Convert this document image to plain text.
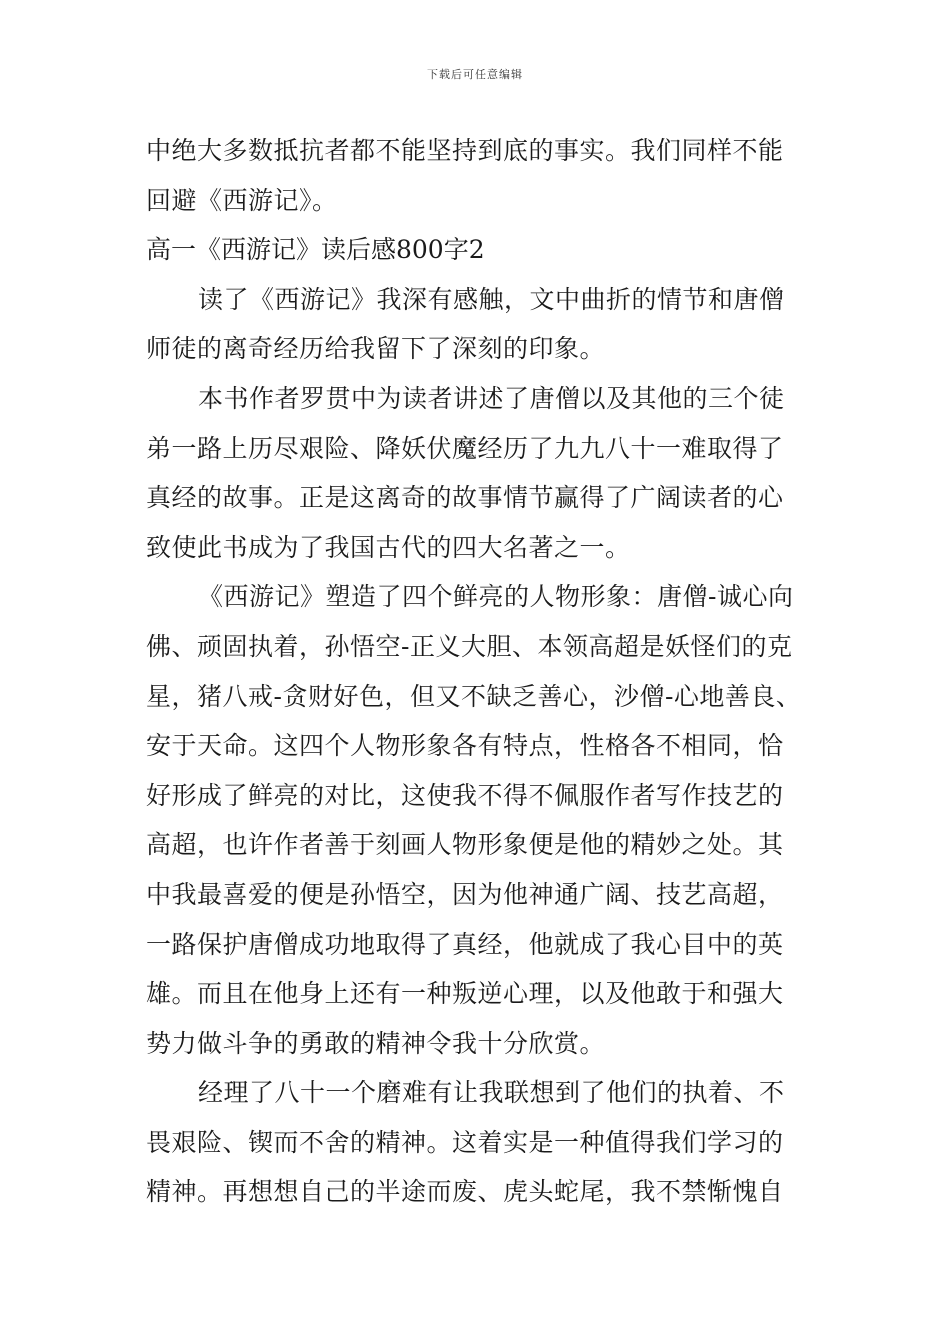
下载后可任意编辑
中绝大多数抵抗者都不能坚持到底的事实。我们同样不能
回避《西游记》。
高一《西游记》读后感800字2
读了《西游记》我深有感触，文中曲折的情节和唐僧
师徒的离奇经历给我留下了深刻的印象。
本书作者罗贯中为读者讲述了唐僧以及其他的三个徒
弟一路上历尽艰险、降妖伏魔经历了九九八十一难取得了
真经的故事。正是这离奇的故事情节赢得了广阔读者的心
致使此书成为了我国古代的四大名著之一。
《西游记》塑造了四个鲜亮的人物形象：唐僧-诚心向
佛、顽固执着，孙悟空-正义大胆、本领高超是妖怪们的克
星，猪八戒-贪财好色，但又不缺乏善心，沙僧-心地善良、
安于天命。这四个人物形象各有特点，性格各不相同，恰
好形成了鲜亮的对比，这使我不得不佩服作者写作技艺的
高超，也许作者善于刻画人物形象便是他的精妙之处。其
中我最喜爱的便是孙悟空，因为他神通广阔、技艺高超，
一路保护唐僧成功地取得了真经，他就成了我心目中的英
雄。而且在他身上还有一种叛逆心理，以及他敢于和强大
势力做斗争的勇敢的精神令我十分欣赏。
经理了八十一个磨难有让我联想到了他们的执着、不
畏艰险、锲而不舍的精神。这着实是一种值得我们学习的
精神。再想想自己的半途而废、虎头蛇尾，我不禁惭愧自
